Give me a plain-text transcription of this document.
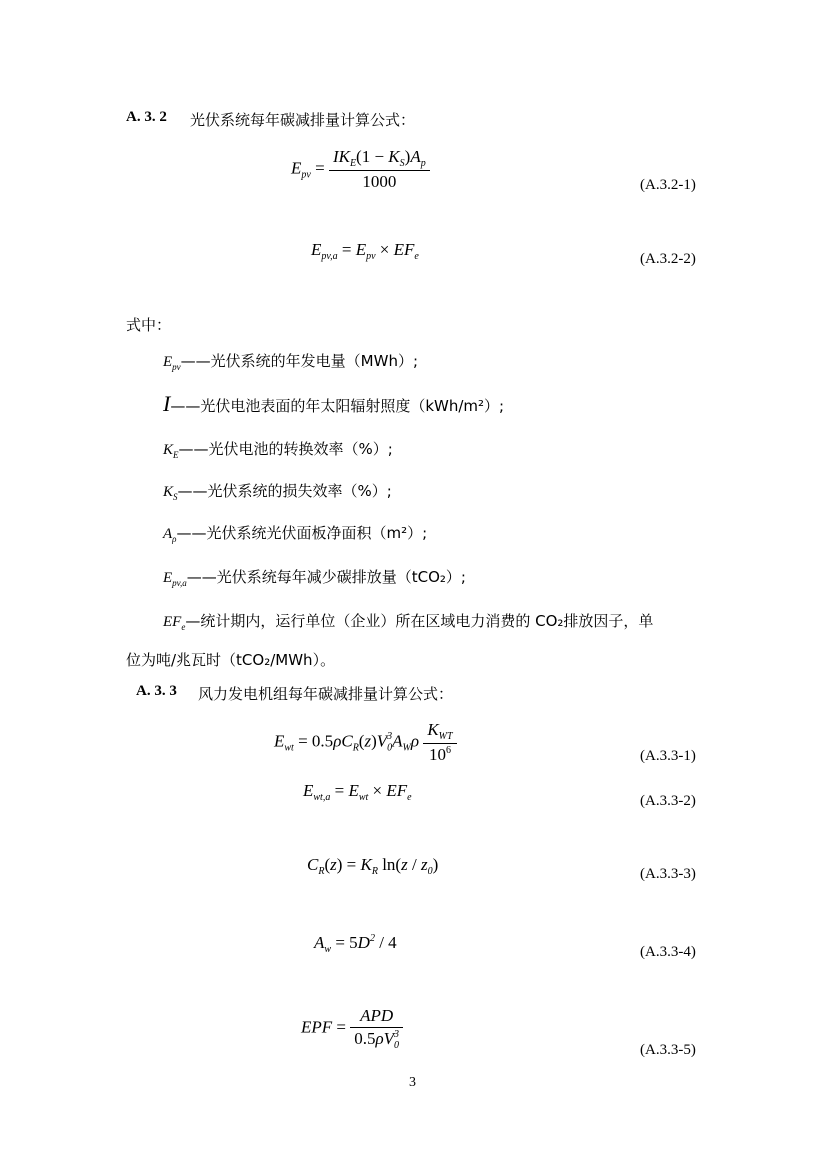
A. 3. 2 光伏系统每年碳减排量计算公式：
$E_{pv} = \frac{IK_E(1 - K_S)A_p}{1000}$	(A.3.2-1)
$E_{pv,a} = E_{pv} \times EF_e$	(A.3.2-2)
式中：
$E_{pv}——$光伏系统的年发电量（MWh）;
I——光伏电池表面的年太阳辐射照度（kWh/m²）;
$K_E——$光伏电池的转换效率（%）;
$K_S——$光伏系统的损失效率（%）;
$A_\rho——$光伏系统光伏面板净面积（m²）;
$E_{pv,a}——$光伏系统每年减少碳排放量（tCO₂）;
$EF_e—$统计期内，运行单位（企业）所在区域电力消费的 CO₂排放因子，单
位为吨/兆瓦时（tCO₂/MWh）。
A. 3. 3 风力发电机组每年碳减排量计算公式：
$E_{wt} = 0.5\rho C_R(z)V_0^3A_W\rho \frac{K_{WT}}{10^6}$	(A.3.3-1)
$E_{wt,a} = E_{wt} \times EF_e$	(A.3.3-2)
$C_R(z) = K_R$ $\ln(z / z_0)$	(A.3.3-3)
$A_w = 5D^2 / 4$	(A.3.3-4)
EPF = $\frac{\text{APD}}{0.5\rho V_0^3}$	(A.3.3-5)
3
